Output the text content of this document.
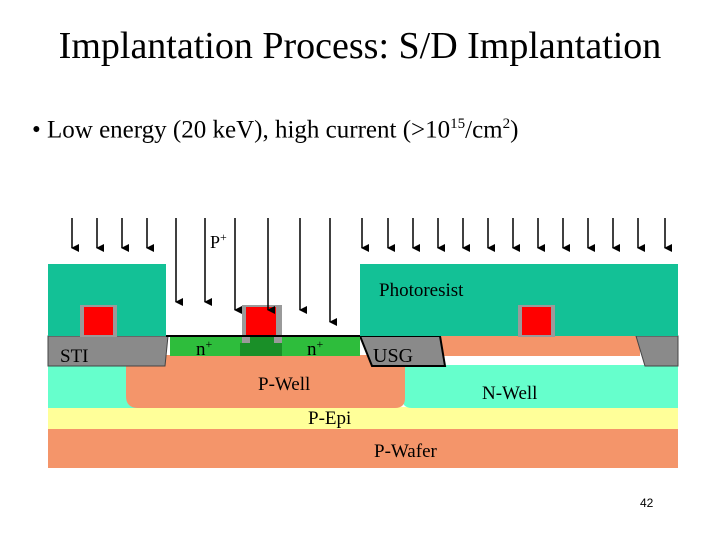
Implantation Process: S/D Implantation
• Low energy (20 keV), high current $(>10^{15}/cm^2)$
P+
Photoresist
STI	n+	n+
USG
P-Well	N-Well
P-Epi
P-Wafer
42
